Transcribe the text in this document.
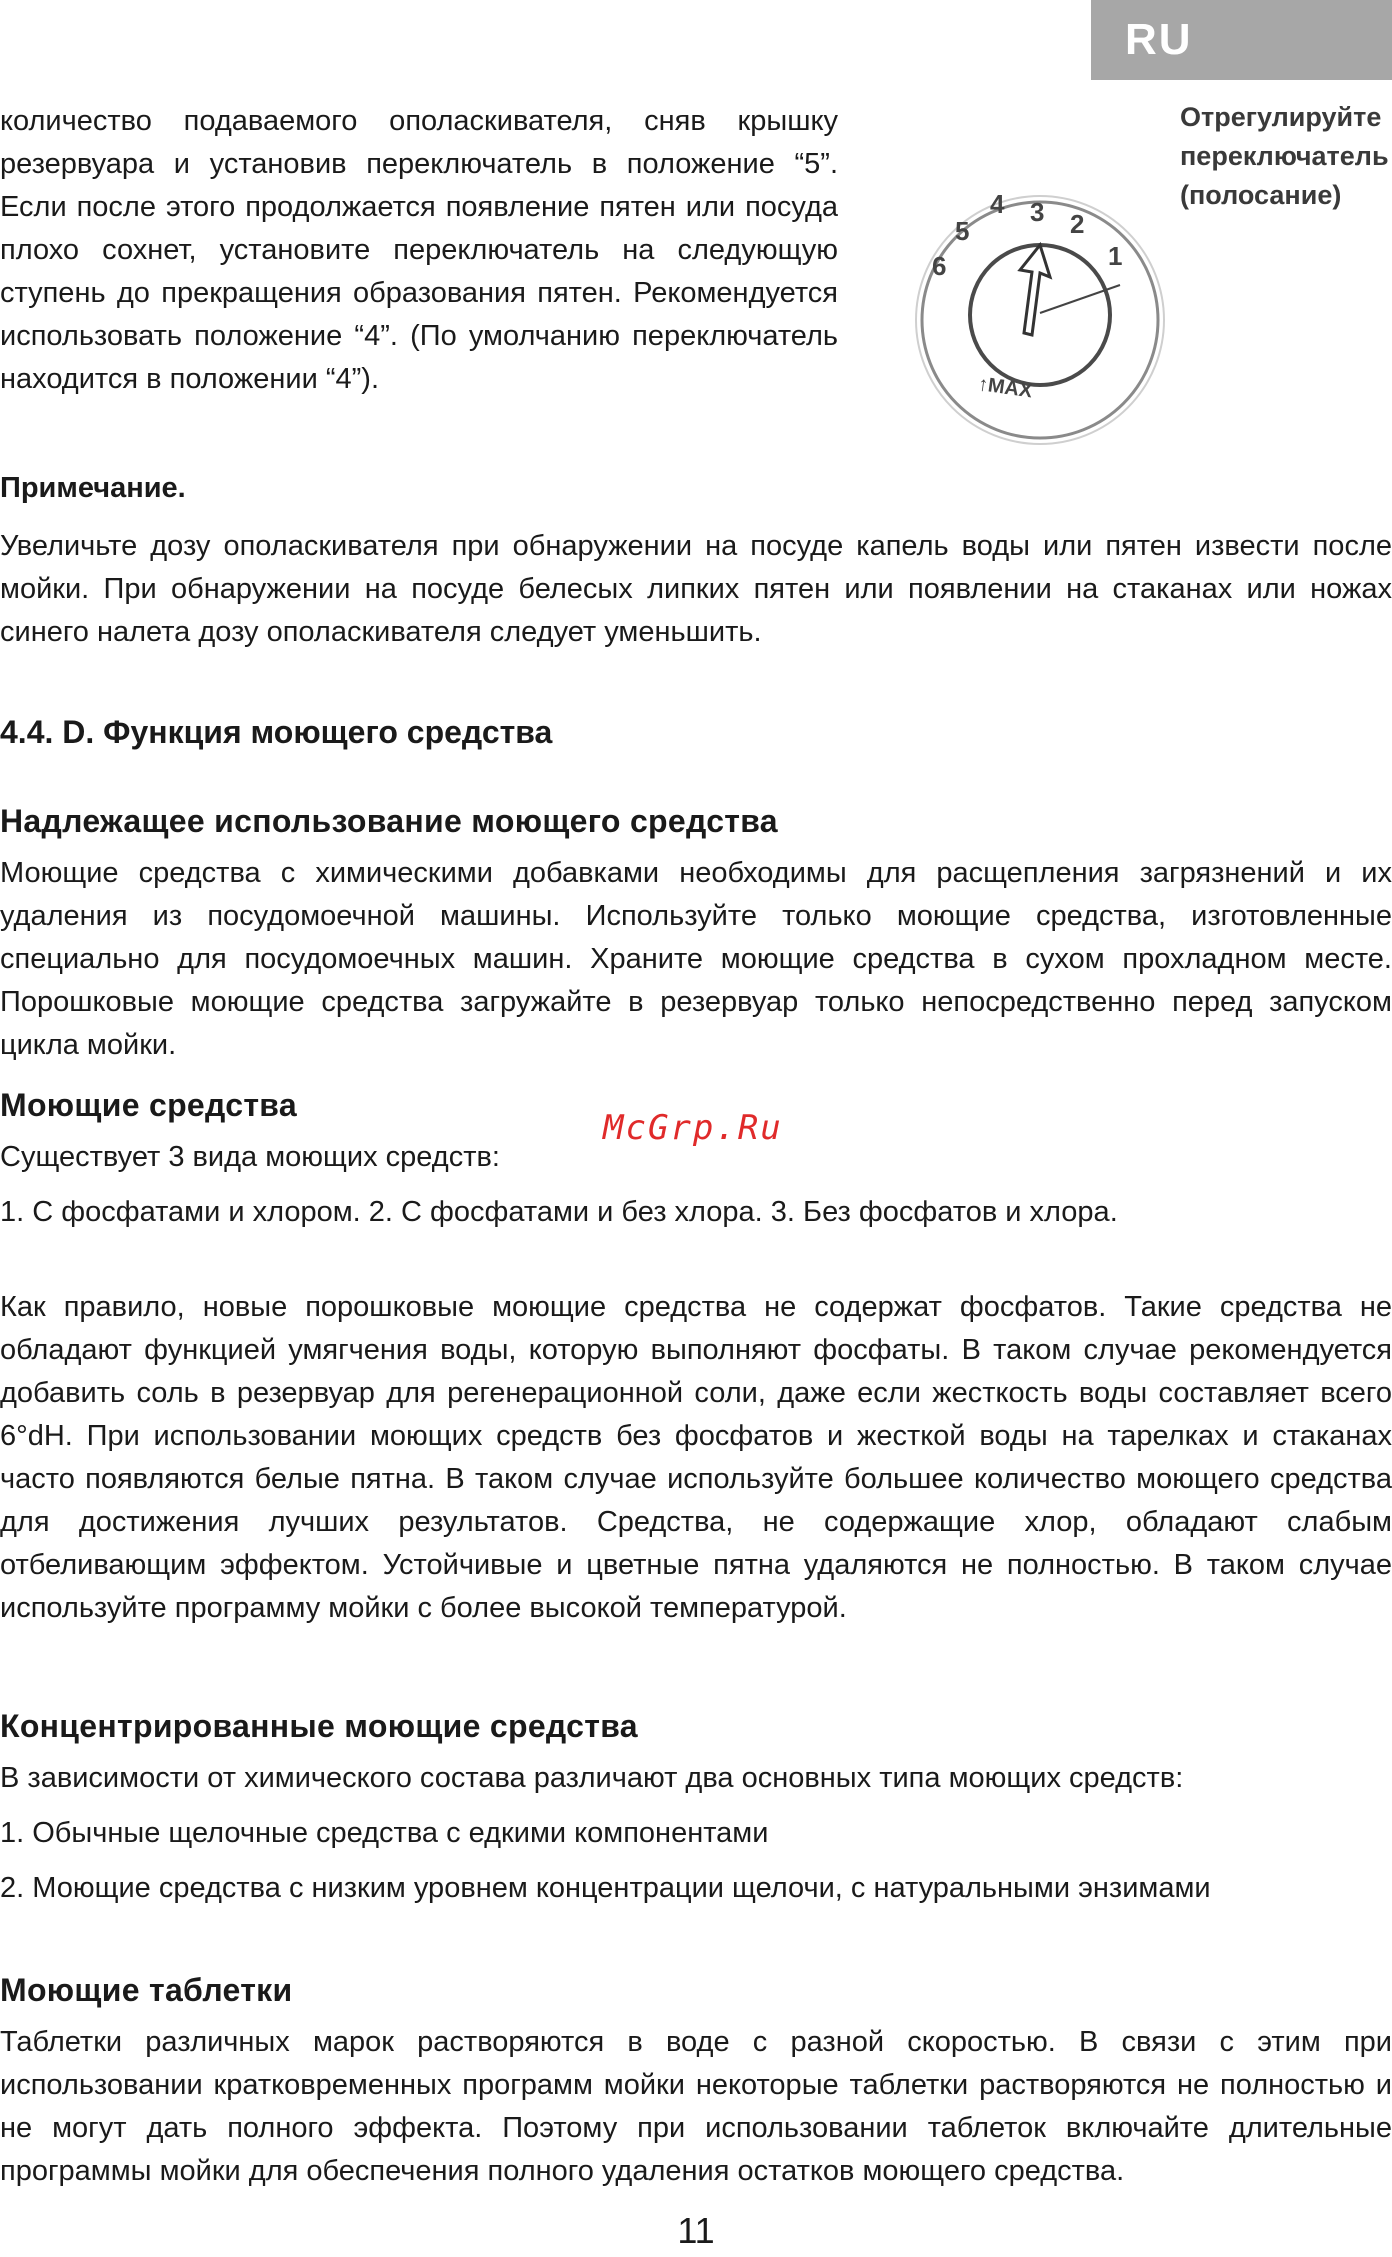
RU

количество подаваемого ополаскивателя, сняв крышку резервуара и установив переключатель в положение “5”. Если после этого продолжается появление пятен или посуда плохо сохнет, установите переключатель на следующую ступень до прекращения образования пятен. Рекомендуется использовать положение “4”. (По умолчанию переключатель находится в положении “4”).

6
5
4 3 2
1
↑MAX
Отрегулируйте
переключатель
(полосание)

Примечание.

Увеличьте дозу ополаскивателя при обнаружении на посуде капель воды или пятен извести после мойки. При обнаружении на посуде белесых липких пятен или появлении на стаканах или ножах синего налета дозу ополаскивателя следует уменьшить.

4.4. D. Функция моющего средства

Надлежащее использование моющего средства

Моющие средства с химическими добавками необходимы для расщепления загрязнений и их удаления из посудомоечной машины. Используйте только моющие средства, изготовленные специально для посудомоечных машин. Храните моющие средства в сухом прохладном месте. Порошковые моющие средства загружайте в резервуар только непосредственно перед запуском цикла мойки.

Моющие средства

Существует 3 вида моющих средств:

1. С фосфатами и хлором. 2. С фосфатами и без хлора. 3. Без фосфатов и хлора.

Как правило, новые порошковые моющие средства не содержат фосфатов. Такие средства не обладают функцией умягчения воды, которую выполняют фосфаты. В таком случае рекомендуется добавить соль в резервуар для регенерационной соли, даже если жесткость воды составляет всего 6°dH. При использовании моющих средств без фосфатов и жесткой воды на тарелках и стаканах часто появляются белые пятна. В таком случае используйте большее количество моющего средства для достижения лучших результатов. Средства, не содержащие хлор, обладают слабым отбеливающим эффектом. Устойчивые и цветные пятна удаляются не полностью. В таком случае используйте программу мойки с более высокой температурой.

McGrp.Ru

Концентрированные моющие средства

В зависимости от химического состава различают два основных типа моющих средств:

1. Обычные щелочные средства с едкими компонентами

2. Моющие средства с низким уровнем концентрации щелочи, с натуральными энзимами

Моющие таблетки

Таблетки различных марок растворяются в воде с разной скоростью. В связи с этим при использовании кратковременных программ мойки некоторые таблетки растворяются не полностью и не могут дать полного эффекта. Поэтому при использовании таблеток включайте длительные программы мойки для обеспечения полного удаления остатков моющего средства.

11
